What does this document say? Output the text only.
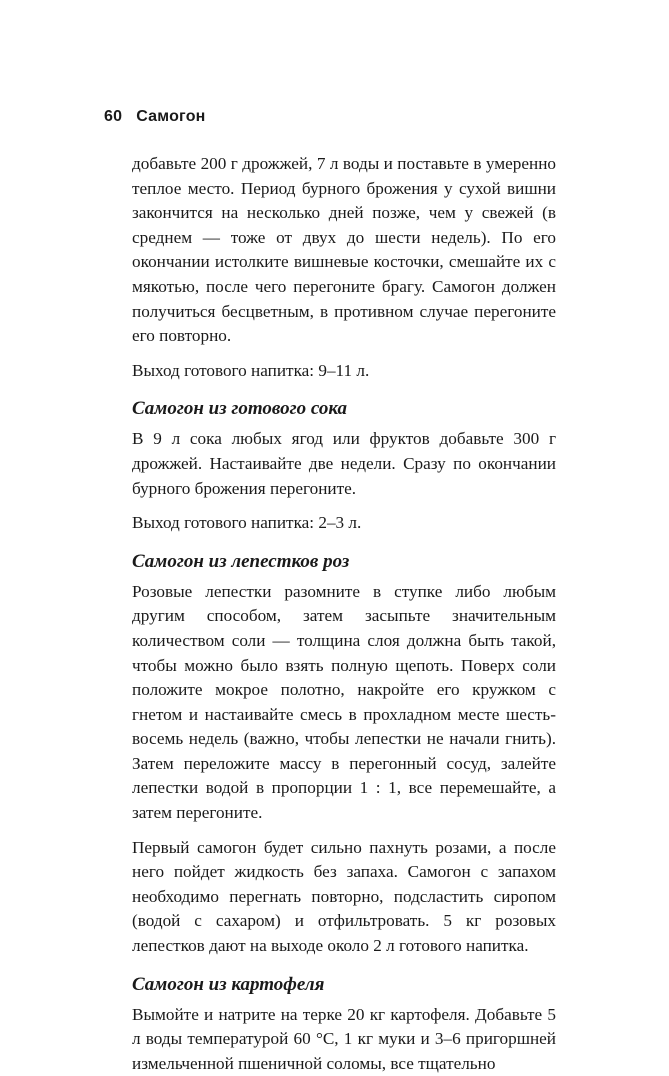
60 Самогон

добавьте 200 г дрожжей, 7 л воды и поставьте в умеренно теплое место. Период бурного брожения у сухой вишни закончится на несколько дней позже, чем у свежей (в среднем — тоже от двух до шести недель). По его окончании истолките вишневые косточки, смешайте их с мякотью, после чего перегоните брагу. Самогон должен получиться бесцветным, в противном случае перегоните его повторно.

Выход готового напитка: 9–11 л.

Самогон из готового сока

В 9 л сока любых ягод или фруктов добавьте 300 г дрожжей. Настаивайте две недели. Сразу по окончании бурного брожения перегоните.

Выход готового напитка: 2–3 л.

Самогон из лепестков роз

Розовые лепестки разомните в ступке либо любым другим способом, затем засыпьте значительным количеством соли — толщина слоя должна быть такой, чтобы можно было взять полную щепоть. Поверх соли положите мокрое полотно, накройте его кружком с гнетом и настаивайте смесь в прохладном месте шесть-восемь недель (важно, чтобы лепестки не начали гнить). Затем переложите массу в перегонный сосуд, залейте лепестки водой в пропорции 1 : 1, все перемешайте, а затем перегоните.

Первый самогон будет сильно пахнуть розами, а после него пойдет жидкость без запаха. Самогон с запахом необходимо перегнать повторно, подсластить сиропом (водой с сахаром) и отфильтровать. 5 кг розовых лепестков дают на выходе около 2 л готового напитка.

Самогон из картофеля

Вымойте и натрите на терке 20 кг картофеля. Добавьте 5 л воды температурой 60 °С, 1 кг муки и 3–6 пригоршней измельченной пшеничной соломы, все тщательно
